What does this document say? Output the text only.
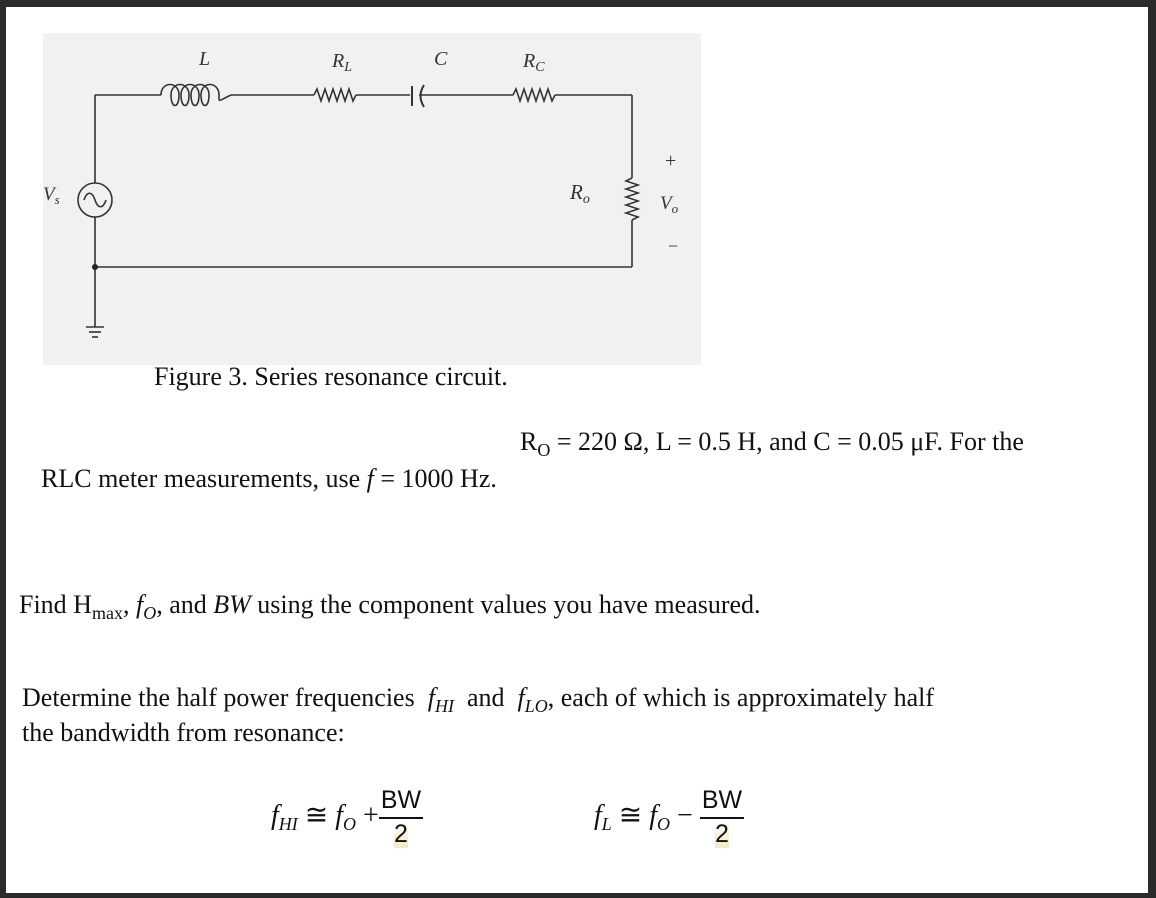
L	$R_L$	C	$R_C$
$V_s$	Ro	$V_o$
+
−
Figure 3. Series resonance circuit.
$R_O = 220$ Ω, L = 0.5 H, and C = 0.05 μF. For the
RLC meter measurements, use f = 1000 Hz.
Find $H_{max}$, $f_O$, and BW using the component values you have measured.
Determine the half power frequencies  $f_{HI}$  and  $f_{LO}$, each of which is approximately half
the bandwidth from resonance:
$f_{HI}$ ≅ $f_O + \frac{BW}{2}$	$f_L$ ≅ $f_O - \frac{BW}{2}$
